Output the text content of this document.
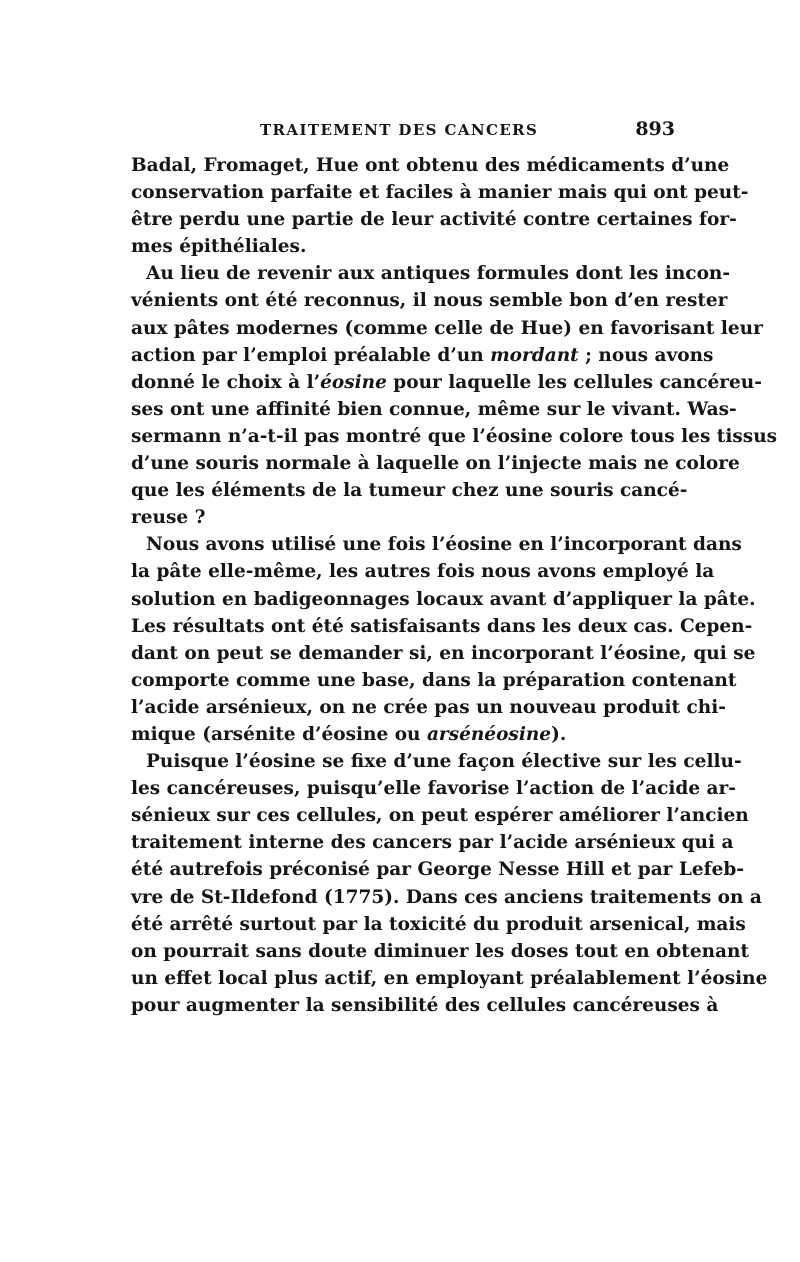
TRAITEMENT DES CANCERS	893
Badal, Fromaget, Hue ont obtenu des médicaments d’une
conservation parfaite et faciles à manier mais qui ont peut-
être perdu une partie de leur activité contre certaines for-
mes épithéliales.
Au lieu de revenir aux antiques formules dont les incon-
vénients ont été reconnus, il nous semble bon d’en rester
aux pâtes modernes (comme celle de Hue) en favorisant leur
action par l’emploi préalable d’un mordant ; nous avons
donné le choix à l’éosine pour laquelle les cellules cancéreu-
ses ont une affinité bien connue, même sur le vivant. Was-
sermann n’a-t-il pas montré que l’éosine colore tous les tissus
d’une souris normale à laquelle on l’injecte mais ne colore
que les éléments de la tumeur chez une souris cancé-
reuse ?
Nous avons utilisé une fois l’éosine en l’incorporant dans
la pâte elle-même, les autres fois nous avons employé la
solution en badigeonnages locaux avant d’appliquer la pâte.
Les résultats ont été satisfaisants dans les deux cas. Cepen-
dant on peut se demander si, en incorporant l’éosine, qui se
comporte comme une base, dans la préparation contenant
l’acide arsénieux, on ne crée pas un nouveau produit chi-
mique (arsénite d’éosine ou arsénéosine).
Puisque l’éosine se fixe d’une façon élective sur les cellu-
les cancéreuses, puisqu’elle favorise l’action de l’acide ar-
sénieux sur ces cellules, on peut espérer améliorer l’ancien
traitement interne des cancers par l’acide arsénieux qui a
été autrefois préconisé par George Nesse Hill et par Lefeb-
vre de St-Ildefond (1775). Dans ces anciens traitements on a
été arrêté surtout par la toxicité du produit arsenical, mais
on pourrait sans doute diminuer les doses tout en obtenant
un effet local plus actif, en employant préalablement l’éosine
pour augmenter la sensibilité des cellules cancéreuses à
